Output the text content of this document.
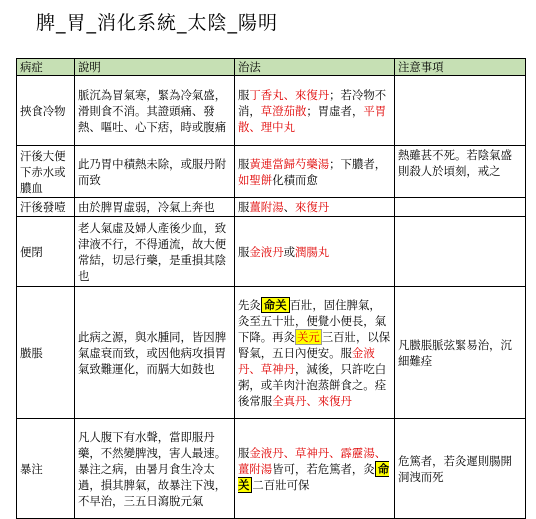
脾_胃_消化系統_太陰_陽明
病症	說明	治法	注意事項
挾食冷物	脈沉為冒氣寒，緊為冷氣盛，滑則食不消。其證頭痛、發熱、嘔吐、心下痞，時或腹痛	服丁香丸、來復丹；若冷物不消，草澄茄散；胃虛者，平胃散、理中丸	
汗後大便下赤水或膿血	此乃胃中積熱未除，或服丹附而致	服黃連當歸芍藥湯；下膿者，如聖餅化積而愈	熱雖甚不死。若陰氣盛則殺人於頃刻，戒之
汗後發噎	由於脾胃虛弱，冷氣上奔也	服薑附湯、來復丹	
便閉	老人氣虛及婦人產後少血，致津液不行，不得通流，故大便常結，切忌行藥，是重損其陰也	服金液丹或潤腸丸	
臌脹	此病之源，與水腫同，皆因脾氣虛衰而致，或因他病攻損胃氣致難運化，而膈大如鼓也	先灸 命关 百壯，固住脾氣，灸至五十壯，便覺小便長，氣下降。再灸 关元 三百壯，以保腎氣，五日內便安。服金液丹、草神丹，減後，只許吃白粥，或羊肉汁泡蒸餅食之。痊後常服全真丹、來復丹	凡臌脹脈弦緊易治，沉細難痊
暴注	凡人腹下有水聲，當即服丹藥，不然變脾洩，害人最速。暴注之病，由暑月食生冷太過，損其脾氣，故暴注下洩，不早治，三五日瀉脫元氣	服金液丹、草神丹、霹靂湯、薑附湯皆可，若危篤者，灸 命关 二百壯可保	危篤者，若灸遲則腸開洞洩而死
